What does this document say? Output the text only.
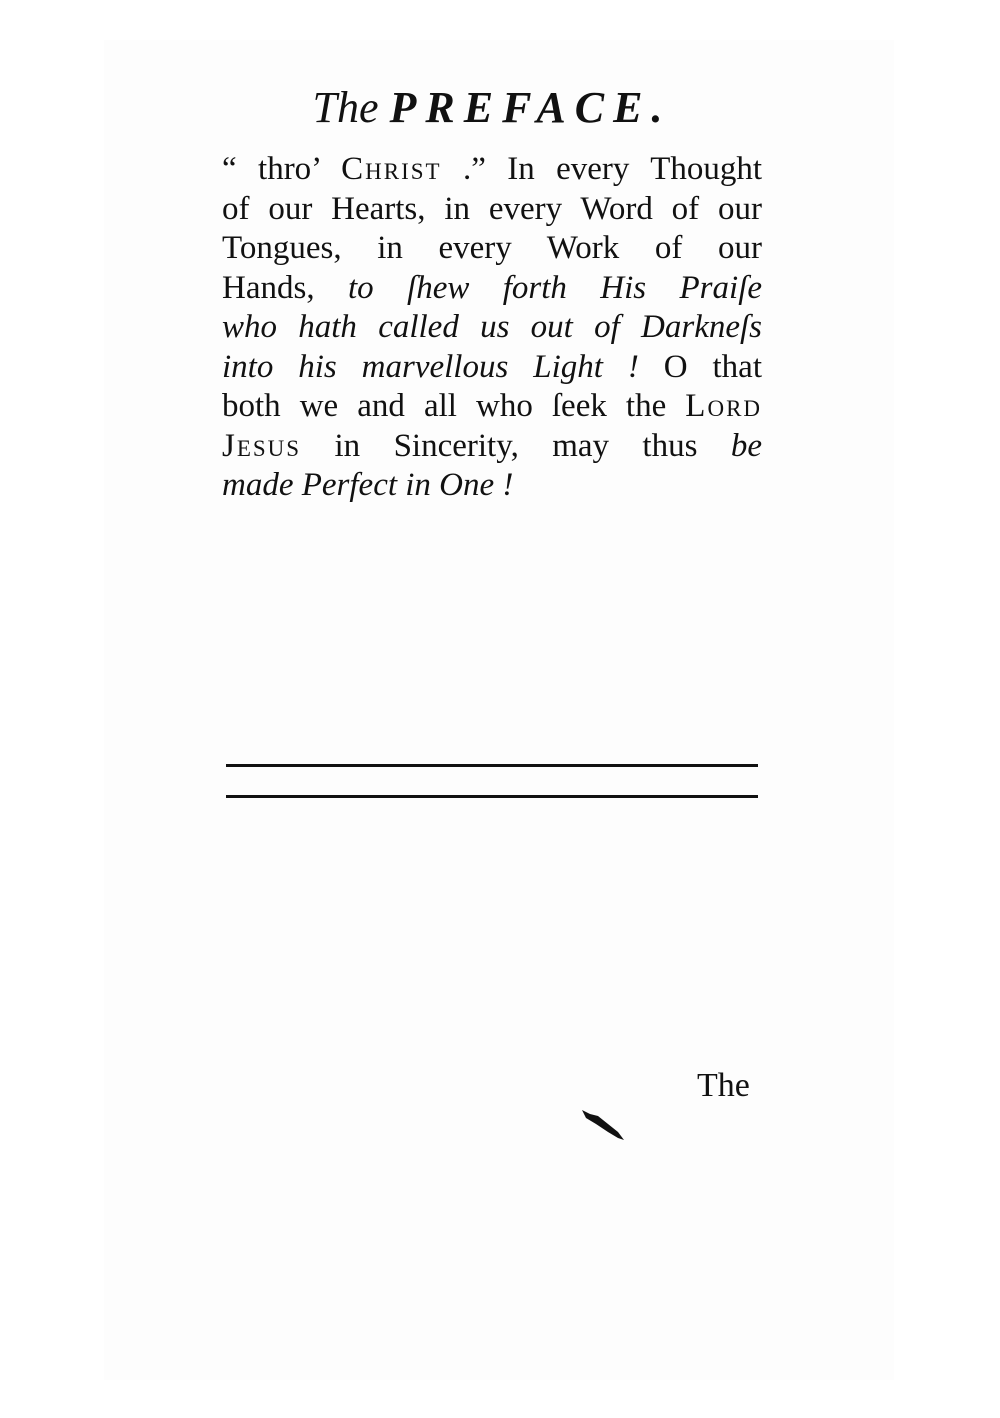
The PREFACE.
“ thro’ Christ .” In every Thought
of our Hearts, in every Word of our
Tongues, in every Work of our
Hands, to ſhew forth His Praiſe
who hath called us out of Darkneſs
into his marvellous Light ! O that
both we and all who ſeek the Lord
Jesus in Sincerity, may thus be
made Perfect in One !
The
